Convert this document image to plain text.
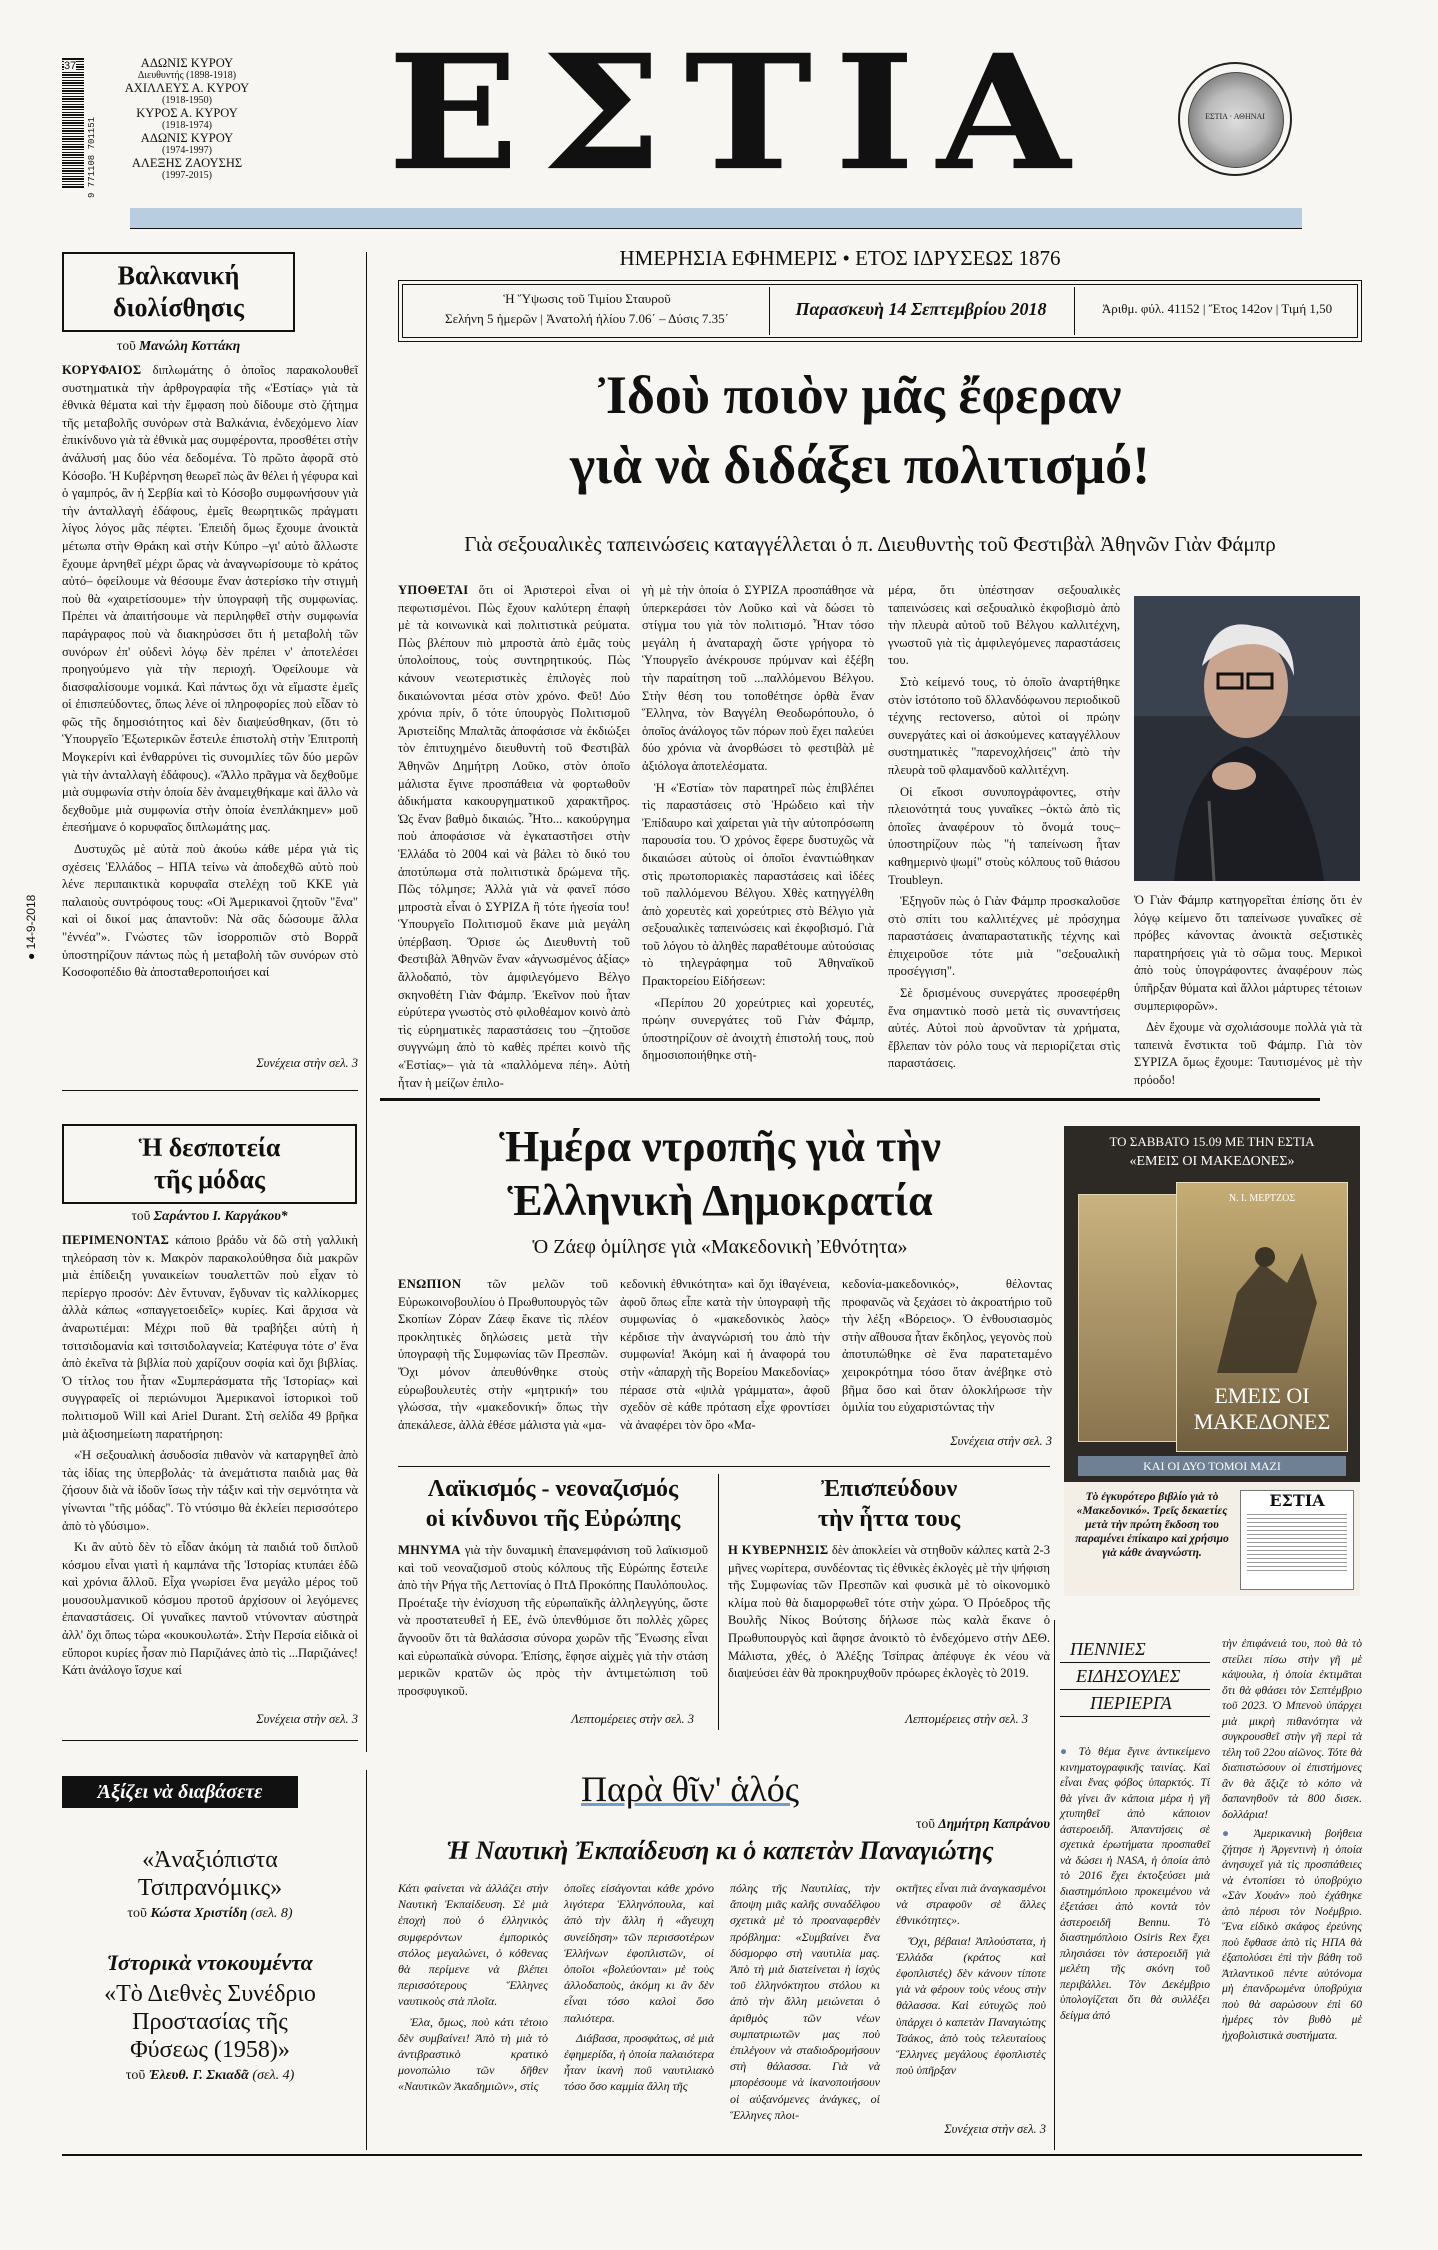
37
9 771108 701151
ΑΔΩΝΙΣ ΚΥΡΟΥ
Διευθυντής (1898-1918)
ΑΧΙΛΛΕΥΣ Α. ΚΥΡΟΥ
(1918-1950)
ΚΥΡΟΣ Α. ΚΥΡΟΥ
(1918-1974)
ΑΔΩΝΙΣ ΚΥΡΟΥ
(1974-1997)
ΑΛΕΞΗΣ ΖΑΟΥΣΗΣ
(1997-2015)	ΕΣΤΙΑ	ΕΣΤΙΑ · ΑΘΗΝΑΙ
Βαλκανική
διολίσθησις
τοῦ Μανώλη Κοττάκη

ΚΟΡΥΦΑΙΟΣ διπλωμάτης ὁ ὁποῖος παρακολουθεῖ συστηματικὰ τὴν ἀρθρογραφία τῆς «Ἑστίας» γιὰ τὰ ἐθνικὰ θέματα καὶ τὴν ἔμφαση ποὺ δίδουμε στὸ ζήτημα τῆς μεταβολῆς συνόρων στὰ Βαλκάνια, ἐνδεχόμενο λίαν ἐπικίνδυνο γιὰ τὰ ἐθνικὰ μας συμφέροντα, προσθέτει στὴν ἀνάλυσή μας δύο νέα δεδομένα. Τὸ πρῶτο ἀφορᾶ στὸ Κόσοβο. Ἡ Κυβέρνηση θεωρεῖ πὼς ἂν θέλει ἡ γέφυρα καὶ ὁ γαμπρός, ἂν ἡ Σερβία καὶ τὸ Κόσοβο συμφωνήσουν γιὰ τὴν ἀνταλλαγὴ ἐδάφους, ἐμεῖς θεωρητικῶς πράγματι λίγος λόγος μᾶς πέφτει. Ἐπειδὴ ὅμως ἔχουμε ἀνοικτὰ μέτωπα στὴν Θράκη καὶ στὴν Κύπρο –γι' αὐτὸ ἄλλωστε ἔχουμε ἀρνηθεῖ μέχρι ὥρας νὰ ἀναγνωρίσουμε τὸ κράτος αὐτό– ὀφείλουμε νὰ θέσουμε ἕναν ἀστερίσκο τὴν στιγμὴ ποὺ θὰ «χαιρετίσουμε» τὴν ὑπογραφὴ τῆς συμφωνίας. Πρέπει νὰ ἀπαιτήσουμε νὰ περιληφθεῖ στὴν συμφωνία παράγραφος ποὺ νὰ διακηρύσσει ὅτι ἡ μεταβολὴ τῶν συνόρων ἐπ' οὐδενὶ λόγῳ δὲν πρέπει ν' ἀποτελέσει προηγούμενο γιὰ τὴν περιοχή. Ὀφείλουμε νὰ διασφαλίσουμε νομικά. Καὶ πάντως ὅχι νὰ εἴμαστε ἐμεῖς οἱ ἐπισπεύδοντες, ὅπως λένε οἱ πληροφορίες ποὺ εἶδαν τὸ φῶς τῆς δημοσιότητος καὶ δὲν διαψεύσθηκαν, (ὅτι τὸ Ὑπουργεῖο Ἐξωτερικῶν ἔστειλε ἐπιστολὴ στὴν Ἐπιτροπὴ Μογκερίνι καὶ ἐνθαρρύνει τὶς συνομιλίες τῶν δύο μερῶν γιὰ τὴν ἀνταλλαγὴ ἐδάφους). «Ἄλλο πρᾶγμα νὰ δεχθοῦμε μιὰ συμφωνία στὴν ὁποία δὲν ἀναμειχθήκαμε καὶ ἄλλο νὰ δεχθοῦμε μιὰ συμφωνία στὴν ὁποία ἐνεπλάκημεν» μοῦ ἐπεσήμανε ὁ κορυφαῖος διπλωμάτης μας.

Δυστυχῶς μὲ αὐτὰ ποὺ ἀκούω κάθε μέρα γιὰ τὶς σχέσεις Ἑλλάδος – ΗΠΑ τείνω νὰ ἀποδεχθῶ αὐτὸ ποὺ λένε περιπαικτικὰ κορυφαῖα στελέχη τοῦ ΚΚΕ γιὰ παλαιοὺς συντρόφους τους: «Οἱ Ἀμερικανοὶ ζητοῦν "ἕνα" καὶ οἱ δικοί μας ἀπαντοῦν: Νὰ σᾶς δώσουμε ἄλλα "ἐννέα"». Γνώστες τῶν ἰσορροπιῶν στὸ Βορρᾶ ὑποστηρίζουν πάντως πὼς ἡ μεταβολὴ τῶν συνόρων στὸ Κοσοφοπέδιο θὰ ἀποσταθεροποιήσει καί

Συνέχεια στὴν σελ. 3
● 14-9-2018
Ἡ δεσποτεία
τῆς μόδας
τοῦ Σαράντου Ι. Καργάκου*

ΠΕΡΙΜΕΝΟΝΤΑΣ κάποιο βράδυ νὰ δῶ στὴ γαλλικὴ τηλεόραση τὸν κ. Μακρὸν παρακολούθησα διὰ μακρῶν μιὰ ἐπίδειξη γυναικείων τουαλεττῶν ποὺ εἶχαν τὸ περίεργο προσόν: Δὲν ἔντυναν, ἔγδυναν τὶς καλλίκορμες ἀλλὰ κάπως «σπαγγετοειδεῖς» κυρίες. Καὶ ἄρχισα νὰ ἀναρωτιέμαι: Μέχρι ποῦ θὰ τραβήξει αὐτὴ ἡ τσιτσιδομανία καὶ τσιτσιδολαγνεία; Κατέφυγα τότε σ' ἕνα ἀπὸ ἐκεῖνα τὰ βιβλία ποὺ χαρίζουν σοφία καὶ ὄχι βιβλίας. Ὁ τίτλος του ἦταν «Συμπεράσματα τῆς Ἱστορίας» καὶ συγγραφεῖς οἱ περιώνυμοι Ἀμερικανοὶ ἱστορικοὶ τοῦ πολιτισμοῦ Will καὶ Ariel Durant. Στὴ σελίδα 49 βρῆκα μιὰ ἀξιοσημείωτη παρατήρηση:

«Ἡ σεξουαλικὴ ἀσυδοσία πιθανὸν νὰ καταργηθεῖ ἀπὸ τὰς ἰδίας της ὑπερβολάς· τὰ ἀνεμάτιστα παιδιὰ μας θὰ ζήσουν διὰ νὰ ἰδοῦν ἴσως τὴν τάξιν καὶ τὴν σεμνότητα νὰ γίνωνται "τῆς μόδας". Τὸ ντύσιμο θὰ ἐκλείει περισσότερο ἀπὸ τὸ γδύσιμο».

Κι ἂν αὐτὸ δὲν τὸ εἶδαν ἀκόμη τὰ παιδιά τοῦ διπλοῦ κόσμου εἶναι γιατὶ ἡ καμπάνα τῆς Ἱστορίας κτυπάει ἐδῶ καὶ χρόνια ἄλλοῦ. Εἶχα γνωρίσει ἕνα μεγάλο μέρος τοῦ μουσουλμανικοῦ κόσμου προτοῦ ἀρχίσουν οἱ λεγόμενες ἐπαναστάσεις. Οἱ γυναῖκες παντοῦ ντύνονταν αὐστηρὰ ἀλλ' ὄχι ὅπως τώρα «κουκουλωτά». Στὴν Περσία εἰδικὰ οἱ εὔποροι κυρίες ἦσαν πιὸ Παριζιάνες ἀπὸ τὶς ...Παριζιάνες! Κάτι ἀνάλογο ἴσχυε καί

Συνέχεια στὴν σελ. 3
ΗΜΕΡΗΣΙΑ ΕΦΗΜΕΡΙΣ • ΕΤΟΣ ΙΔΡΥΣΕΩΣ 1876
Ἡ Ὕψωσις τοῦ Τιμίου Σταυροῦ
Σελήνη 5 ἡμερῶν | Ἀνατολή ἡλίου 7.06΄ – Δύσις 7.35΄	Παρασκευὴ 14 Σεπτεμβρίου 2018	Ἀριθμ. φύλ. 41152 | Ἔτος 142ον | Τιμή 1,50
Ἰδοὺ ποιὸν μᾶς ἔφεραν
γιὰ νὰ διδάξει πολιτισμό!
Γιὰ σεξουαλικὲς ταπεινώσεις καταγγέλλεται ὁ π. Διευθυντὴς τοῦ Φεστιβὰλ Ἀθηνῶν Γιὰν Φάμπρ

ΥΠΟΘΕΤΑΙ ὅτι οἱ Ἀριστεροὶ εἶναι οἱ πεφωτισμένοι. Πὼς ἔχουν καλύτερη ἐπαφὴ μὲ τὰ κοινωνικὰ καὶ πολιτιστικὰ ρεύματα. Πὼς βλέπουν πιὸ μπροστὰ ἀπὸ ἐμᾶς τοὺς ὑπολοίπους, τοὺς συντηρητικούς. Πὼς κάνουν νεωτεριστικὲς ἐπιλογὲς ποὺ δικαιώνονται μέσα στὸν χρόνο. Φεῦ! Δύο χρόνια πρίν, ὅ τότε ὑπουργὸς Πολιτισμοῦ Ἀριστείδης Μπαλτᾶς ἀποφάσισε νὰ ἐκδιώξει τὸν ἐπιτυχημένο διευθυντὴ τοῦ Φεστιβὰλ Ἀθηνῶν Δημήτρη Λοῦκο, στὸν ὁποῖο μάλιστα ἔγινε προσπάθεια νὰ φορτωθοῦν ἀδικήματα κακουργηματικοῦ χαρακτῆρος. Ὡς ἕναν βαθμὸ δικαιώς. Ἦτο... κακούργημα ποὺ ἀποφάσισε νὰ ἐγκαταστῆσει στὴν Ἑλλάδα τὸ 2004 καὶ νὰ βάλει τὸ δικό του ἀποτύπωμα στὰ πολιτιστικὰ δρώμενα τῆς. Πῶς τόλμησε; Ἀλλὰ γιὰ νὰ φανεῖ πόσο μπροστὰ εἶναι ὁ ΣΥΡΙΖΑ ἢ τότε ἡγεσία του! Ὑπουργεῖο Πολιτισμοῦ ἔκανε μιὰ μεγάλη ὑπέρβαση. Ὅρισε ὡς Διευθυντὴ τοῦ Φεστιβὰλ Ἀθηνῶν ἕναν «ἀγνωσμένος ἀξίας» ἄλλοδαπό, τὸν ἀμφιλεγόμενο Βέλγο σκηνοθέτη Γιὰν Φάμπρ. Ἐκεῖνον ποὺ ἦταν εὐρύτερα γνωστὸς στὸ φιλοθέαμον κοινὸ ἀπὸ τὶς εὐρηματικὲς παραστάσεις του –ζητοῦσε συγγνώμη ἀπὸ τὸ καθὲς πρέπει κοινὸ τῆς «Ἑστίας»– γιὰ τὰ «παλλόμενα πέη». Αὐτὴ ἦταν ἡ μείζων ἐπιλο-

γὴ μὲ τὴν ὁποία ὁ ΣΥΡΙΖΑ προσπάθησε νὰ ὑπερκεράσει τὸν Λοῦκο καὶ νὰ δώσει τὸ στίγμα του γιὰ τὸν πολιτισμό. Ἦταν τόσο μεγάλη ἡ ἀναταραχὴ ὥστε γρήγορα τὸ Ὑπουργεῖο ἀνέκρουσε πρύμναν καὶ ἐξέβη τὴν παραίτηση τοῦ ...παλλόμενου Βέλγου. Στὴν θέση του τοποθέτησε ὀρθὰ ἕναν Ἕλληνα, τὸν Βαγγέλη Θεοδωρόπουλο, ὁ ὁποῖος ἀνάλογος τῶν πόρων ποὺ ἔχει παλεύει δύο χρόνια νὰ ἀνορθώσει τὸ φεστιβὰλ μὲ ἀξιόλογα ἀποτελέσματα.

Ἡ «Ἑστία» τὸν παρατηρεῖ πὼς ἐπιβλέπει τὶς παραστάσεις στὸ Ἡρώδειο καὶ τὴν Ἐπίδαυρο καὶ χαίρεται γιὰ τὴν αὐτοπρόσωπη παρουσία του. Ὁ χρόνος ἔφερε δυστυχῶς νὰ δικαιώσει αὐτοὺς οἱ ὁποῖοι ἐναντιώθηκαν στὶς πρωτοποριακὲς παραστάσεις καὶ ἰδέες τοῦ παλλόμενου Βέλγου. Χθὲς κατηγγέλθη ἀπὸ χορευτὲς καὶ χορεύτριες στὸ Βέλγιο γιὰ σεξουαλικὲς ταπεινώσεις καὶ ἐκφοβισμό. Γιὰ τοῦ λόγου τὸ ἀληθὲς παραθέτουμε αὐτούσιας τὸ τηλεγράφημα τοῦ Ἀθηναϊκοῦ Πρακτορείου Εἰδήσεων:

«Περίπου 20 χορεύτριες καὶ χορευτές, πρώην συνεργάτες τοῦ Γιὰν Φάμπρ, ὑποστηρίζουν σὲ ἀνοιχτὴ ἐπιστολή τους, ποὺ δημοσιοποιήθηκε στὴ-

μέρα, ὅτι ὑπέστησαν σεξουαλικὲς ταπεινώσεις καὶ σεξουαλικὸ ἐκφοβισμὸ ἀπὸ τὴν πλευρὰ αὐτοῦ τοῦ Βέλγου καλλιτέχνη, γνωστοῦ γιὰ τὶς ἀμφιλεγόμενες παραστάσεις του.

Στὸ κείμενό τους, τὸ ὁποῖο ἀναρτήθηκε στὸν ἱστότοπο τοῦ δλλανδόφωνου περιοδικοῦ τέχνης rectoverso, αὐτοὶ οἱ πρώην συνεργάτες καὶ οἱ ἀσκούμενες καταγγέλλουν συστηματικὲς "παρενοχλήσεις" ἀπὸ τὴν πλευρὰ τοῦ φλαμανδοῦ καλλιτέχνη.

Οἱ εἴκοσι συνυπογράφοντες, στὴν πλειονότητά τους γυναῖκες –ὀκτὼ ἀπὸ τὶς ὁποῖες ἀναφέρουν τὸ ὄνομά τους– ὑποστηρίζουν πὼς "ἡ ταπείνωση ἦταν καθημερινὸ ψωμί" στοὺς κόλπους τοῦ θιάσου Troubleyn.

Ἐξηγοῦν πὼς ὁ Γιὰν Φάμπρ προσκαλοῦσε στὸ σπίτι του καλλιτέχνες μὲ πρόσχημα παραστάσεις ἀναπαραστατικῆς τέχνης καὶ ἐπιχειροῦσε τότε μιὰ "σεξουαλικὴ προσέγγιση".

Σὲ δρισμένους συνεργάτες προσεφέρθη ἕνα σημαντικὸ ποσὸ μετὰ τὶς συναντήσεις αὐτές. Αὐτοὶ ποὺ ἀρνοῦνταν τὰ χρήματα, ἔβλεπαν τὸν ρόλο τους νὰ περιορίζεται στὶς παραστάσεις.

Ὁ Γιὰν Φάμπρ κατηγορεῖται ἐπίσης ὅτι ἐν λόγῳ κείμενο ὅτι ταπείνωσε γυναῖκες σὲ πρόβες κάνοντας ἀνοικτὰ σεξιστικὲς παρατηρήσεις γιὰ τὸ σῶμα τους. Μερικοὶ ἀπὸ τοὺς ὑπογράφοντες ἀναφέρουν πὼς ὑπῆρξαν θύματα καὶ ἄλλοι μάρτυρες τέτοιων συμπεριφορῶν».

Δὲν ἔχουμε νὰ σχολιάσουμε πολλὰ γιὰ τὰ ταπεινὰ ἔνστικτα τοῦ Φάμπρ. Γιὰ τὸν ΣΥΡΙΖΑ ὅμως ἔχουμε: Ταυτισμένος μὲ τὴν πρόοδο!

Ἡμέρα ντροπῆς γιὰ τὴν
Ἑλληνικὴ Δημοκρατία
Ὁ Ζάεφ ὁμίλησε γιὰ «Μακεδονικὴ Ἐθνότητα»

ΕΝΩΠΙΟΝ τῶν μελῶν τοῦ Εὐρωκοινοβουλίου ὁ Πρωθυπουργὸς τῶν Σκοπίων Ζόραν Ζάεφ ἔκανε τὶς πλέον προκλητικὲς δηλώσεις μετὰ τὴν ὑπογραφὴ τῆς Συμφωνίας τῶν Πρεσπῶν. Ὄχι μόνον ἀπευθύνθηκε στοὺς εὐρωβουλευτὲς στὴν «μητρική» του γλώσσα, τὴν «μακεδονική» ὅπως τὴν ἀπεκάλεσε, ἀλλὰ ἐθέσε μάλιστα γιὰ «μα-

κεδονικὴ ἐθνικότητα» καὶ ὄχι ἰθαγένεια, ἀφοῦ ὅπως εἶπε κατὰ τὴν ὑπογραφὴ τῆς συμφωνίας ὁ «μακεδονικὸς λαὸς» κέρδισε τὴν ἀναγνώρισή του ἀπὸ τὴν συμφωνία! Ἀκόμη καὶ ἡ ἀναφορά του στὴν «ἀπαρχὴ τῆς Βορείου Μακεδονίας» πέρασε στὰ «ψιλὰ γράμματα», ἀφοῦ σχεδὸν σὲ κάθε πρόταση εἶχε φροντίσει νὰ ἀναφέρει τὸν ὅρο «Μα-

κεδονία-μακεδονικός», θέλοντας προφανῶς νὰ ξεχάσει τὸ ἀκροατήριο τοῦ τὴν λέξη «Βόρειος». Ὁ ἐνθουσιασμὸς στὴν αἴθουσα ἦταν ἔκδηλος, γεγονὸς ποὺ ἀποτυπώθηκε σὲ ἕνα παρατεταμένο χειροκρότημα τόσο ὅταν ἀνέβηκε στὸ βῆμα ὅσο καὶ ὅταν ὁλοκλήρωσε τὴν ὁμιλία του εὐχαριστώντας τὴν

Συνέχεια στὴν σελ. 3
Λαϊκισμός - νεοναζισμός
οἱ κίνδυνοι τῆς Εὐρώπης

ΜΗΝΥΜΑ γιὰ τὴν δυναμικὴ ἐπανεμφάνιση τοῦ λαϊκισμοῦ καὶ τοῦ νεοναζισμοῦ στοὺς κόλπους τῆς Εὐρώπης ἔστειλε ἀπὸ τὴν Ρήγα τῆς Λεττονίας ὁ ΠτΔ Προκόπης Παυλόπουλος. Προέταξε τὴν ἐνίσχυση τῆς εὐρωπαϊκῆς ἀλληλεγγύης, ὥστε νὰ προστατευθεῖ ἡ ΕΕ, ἐνῶ ὑπενθύμισε ὅτι πολλὲς χῶρες ἄγνοοῦν ὅτι τὰ θαλάσσια σύνορα χωρῶν τῆς Ἕνωσης εἶναι καὶ εὐρωπαϊκὰ σύνορα. Ἐπίσης, ἔφησε αἰχμὲς γιὰ τὴν στάση μερικῶν κρατῶν ὡς πρὸς τὴν ἀντιμετώπιση τοῦ προσφυγικοῦ.

Λεπτομέρειες στὴν σελ. 3
Ἐπισπεύδουν
τὴν ἧττα τους

Η ΚΥΒΕΡΝΗΣΙΣ δὲν ἀποκλείει νὰ στηθοῦν κάλπες κατὰ 2-3 μῆνες νωρίτερα, συνδέοντας τὶς ἐθνικὲς ἐκλογὲς μὲ τὴν ψήφιση τῆς Συμφωνίας τῶν Πρεσπῶν καὶ φυσικὰ μὲ τὸ οἰκονομικὸ κλίμα ποὺ θὰ διαμορφωθεῖ τότε στὴν χώρα. Ὁ Πρόεδρος τῆς Βουλῆς Νίκος Βούτσης δήλωσε πὼς καλὰ ἔκανε ὁ Πρωθυπουργὸς καὶ ἄφησε ἀνοικτὸ τὸ ἐνδεχόμενο στὴν ΔΕΘ. Μάλιστα, χθές, ὁ Ἀλέξης Τσίπρας ἀπέφυγε ἐκ νέου νὰ διαψεύσει ἐὰν θὰ προκηρυχθοῦν πρόωρες ἐκλογὲς τὸ 2019.

Λεπτομέρειες στὴν σελ. 3
ΤΟ ΣΑΒΒΑΤΟ 15.09 ΜΕ ΤΗΝ ΕΣΤΙΑ
«ΕΜΕΙΣ ΟΙ ΜΑΚΕΔΟΝΕΣ»
Ν. Ι. ΜΕΡΤΖΟΣ
ΕΜΕΙΣ ΟΙ ΜΑΚΕΔΟΝΕΣ
ΚΑΙ ΟΙ ΔΥΟ ΤΟΜΟΙ ΜΑΖΙ
Τὸ ἐγκυρότερο βιβλίο γιὰ τὸ «Μακεδονικό». Τρεῖς δεκαετίες μετὰ τὴν πρώτη ἔκδοση του παραμένει ἐπίκαιρο καὶ χρήσιμο γιὰ κάθε ἀναγνώστη.
ΕΣΤΙΑ
ΠΕΝΝΙΕΣ
ΕΙΔΗΣΟΥΛΕΣ
ΠΕΡΙΕΡΓΑ

● Τὸ θέμα ἔγινε ἀντικείμενο κινηματογραφικῆς ταινίας. Καὶ εἶναι ἕνας φόβος ὑπαρκτός. Τί θὰ γίνει ἂν κάποια μέρα ἡ γῆ χτυπηθεῖ ἀπὸ κάποιον ἀστεροειδῆ. Ἀπαντήσεις σὲ σχετικὰ ἐρωτήματα προσπαθεῖ νὰ δώσει ἡ NASA, ἡ ὁποία ἀπὸ τὸ 2016 ἔχει ἐκτοξεύσει μιὰ διαστημόπλοιο προκειμένου νὰ ἐξετάσει ἀπὸ κοντὰ τὸν ἀστεροειδῆ Bennu. Τὸ διαστημόπλοιο Osiris Rex ἔχει πλησιάσει τὸν ἀστεροειδῆ γιὰ μελέτη τῆς σκόνη τοῦ περιβάλλει. Τὸν Δεκέμβριο ὑπολογίζεται ὅτι θὰ συλλέξει δείγμα ἀπό

τὴν ἐπιφάνειά του, ποὺ θὰ τὸ στείλει πίσω στὴν γῆ μὲ κάψουλα, ἡ ὁποία ἐκτιμᾶται ὅτι θὰ φθάσει τὸν Σεπτέμβριο τοῦ 2023. Ὁ Μπενοὺ ὑπάρχει μιὰ μικρὴ πιθανότητα νὰ συγκρουσθεῖ στὴν γῆ περὶ τὰ τέλη τοῦ 22ου αἰῶνος. Τότε θὰ διαπιστώσουν οἱ ἐπιστήμονες ἂν θὰ ἄξιζε τὸ κόπο νὰ δαπανηθοῦν τὰ 800 δισεκ. δολλάρια!

● Ἀμερικανικὴ βοήθεια ζήτησε ἡ Ἀργεντινὴ ἡ ὁποία ἀνησυχεῖ γιὰ τὶς προσπάθειες νὰ ἐντοπίσει τὸ ὑποβρύχιο «Σὰν Χουάν» ποὺ ἐχάθηκε ἀπὸ πέρυσι τὸν Νοέμβριο. Ἕνα εἰδικὸ σκάφος ἐρεύνης ποὺ ἔφθασε ἀπὸ τὶς ΗΠΑ θὰ ἐξαπολύσει ἐπὶ τὴν βάθη τοῦ Ἀτλαντικοῦ πέντε αὐτόνομα μὴ ἐπανδρωμένα ὑποβρύχια ποὺ θὰ σαρώσουν ἐπὶ 60 ἡμέρες τὸν βυθὸ μὲ ἠχοβολιστικὰ συστήματα.

Ἀξίζει νὰ διαβάσετε
«Ἀναξιόπιστα Τσιπρανόμικς»
τοῦ Κώστα Χριστίδη (σελ. 8)
Ἱστορικὰ ντοκουμέντα
«Τὸ Διεθνὲς Συνέδριο Προστασίας τῆς Φύσεως (1958)»
τοῦ Ἐλευθ. Γ. Σκιαδᾶ (σελ. 4)
Παρὰ θῖν' ἁλός
τοῦ Δημήτρη Καπράνου
Ἡ Ναυτικὴ Ἐκπαίδευση κι ὁ καπετὰν Παναγιώτης

Κάτι φαίνεται νὰ ἀλλάζει στὴν Ναυτικὴ Ἐκπαίδευση. Σὲ μιὰ ἐποχὴ ποὺ ὁ ἐλληνικὸς συμφερόντων ἐμπορικὸς στόλος μεγαλώνει, ὁ κόθενας θὰ περίμενε νὰ βλέπει περισσότερους Ἕλληνες ναυτικοὺς στὰ πλοῖα.

Ἐλα, ὅμως, ποὺ κάτι τέτοιο δὲν συμβαίνει! Ἀπὸ τὴ μιὰ τὸ ἀντιβραστικὸ κρατικὸ μονοπώλιο τῶν δῆθεν «Ναυτικῶν Ἀκαδημιῶν», στὶς

ὁποῖες εἰσάγονται κάθε χρόνο λιγότερα Ἑλληνόπουλα, καὶ ἀπὸ τὴν ἄλλη ἡ «ἄγευχη συνείδηση» τῶν περισσοτέρων Ἑλλήνων ἐφοπλιστῶν, οἱ ὁποῖοι «βολεύονται» μὲ τοὺς ἀλλοδαποὺς, ἀκόμη κι ἂν δὲν εἶναι τόσο καλοὶ ὅσο παλιότερα.

Διάβασα, προσφάτως, σὲ μιὰ ἐφημερίδα, ἡ ὁποία παλαιότερα ἦταν ἰκανὴ ποῦ ναυτιλιακὸ τόσο ὅσο καμμία ἄλλη τῆς

πόλης τῆς Ναυτιλίας, τὴν ἄποψη μιᾶς καλῆς συναδέλφου σχετικὰ μὲ τὸ προαναφερθὲν πρόβλημα: «Συμβαίνει ἕνα δύσμορφο στὴ ναυτιλία μας. Ἀπὸ τὴ μιὰ διατείνεται ἡ ἰσχὺς τοῦ ἑλληνόκτητου στόλου κι ἀπὸ τὴν ἄλλη μειώνεται ὁ ἀριθμὸς τῶν νέων συμπατριωτῶν μας ποὺ ἐπιλέγουν νὰ σταδιοδρομήσουν στὴ θάλασσα. Γιὰ νὰ μπορέσουμε νὰ ἰκανοποιήσουν οἱ αὐξανόμενες ἀνάγκες, οἱ Ἕλληνες πλοι-

οκτῆτες εἶναι πιὰ ἀναγκασμένοι νὰ στραφοῦν σὲ ἄλλες ἐθνικότητες».

Ὄχι, βέβαια! Ἀπλούστατα, ἡ Ἑλλάδα (κράτος καὶ ἐφοπλιστές) δὲν κάνουν τίποτε γιὰ νὰ φέρουν τοὺς νέους στὴν θάλασσα. Καὶ εὐτυχῶς ποὺ ὑπάρχει ὁ καπετὰν Παναγιώτης Τσάκος, ἀπὸ τοὺς τελευταίους Ἕλληνες μεγάλους ἐφοπλιστὲς ποὺ ὑπῆρξαν

Συνέχεια στὴν σελ. 3
